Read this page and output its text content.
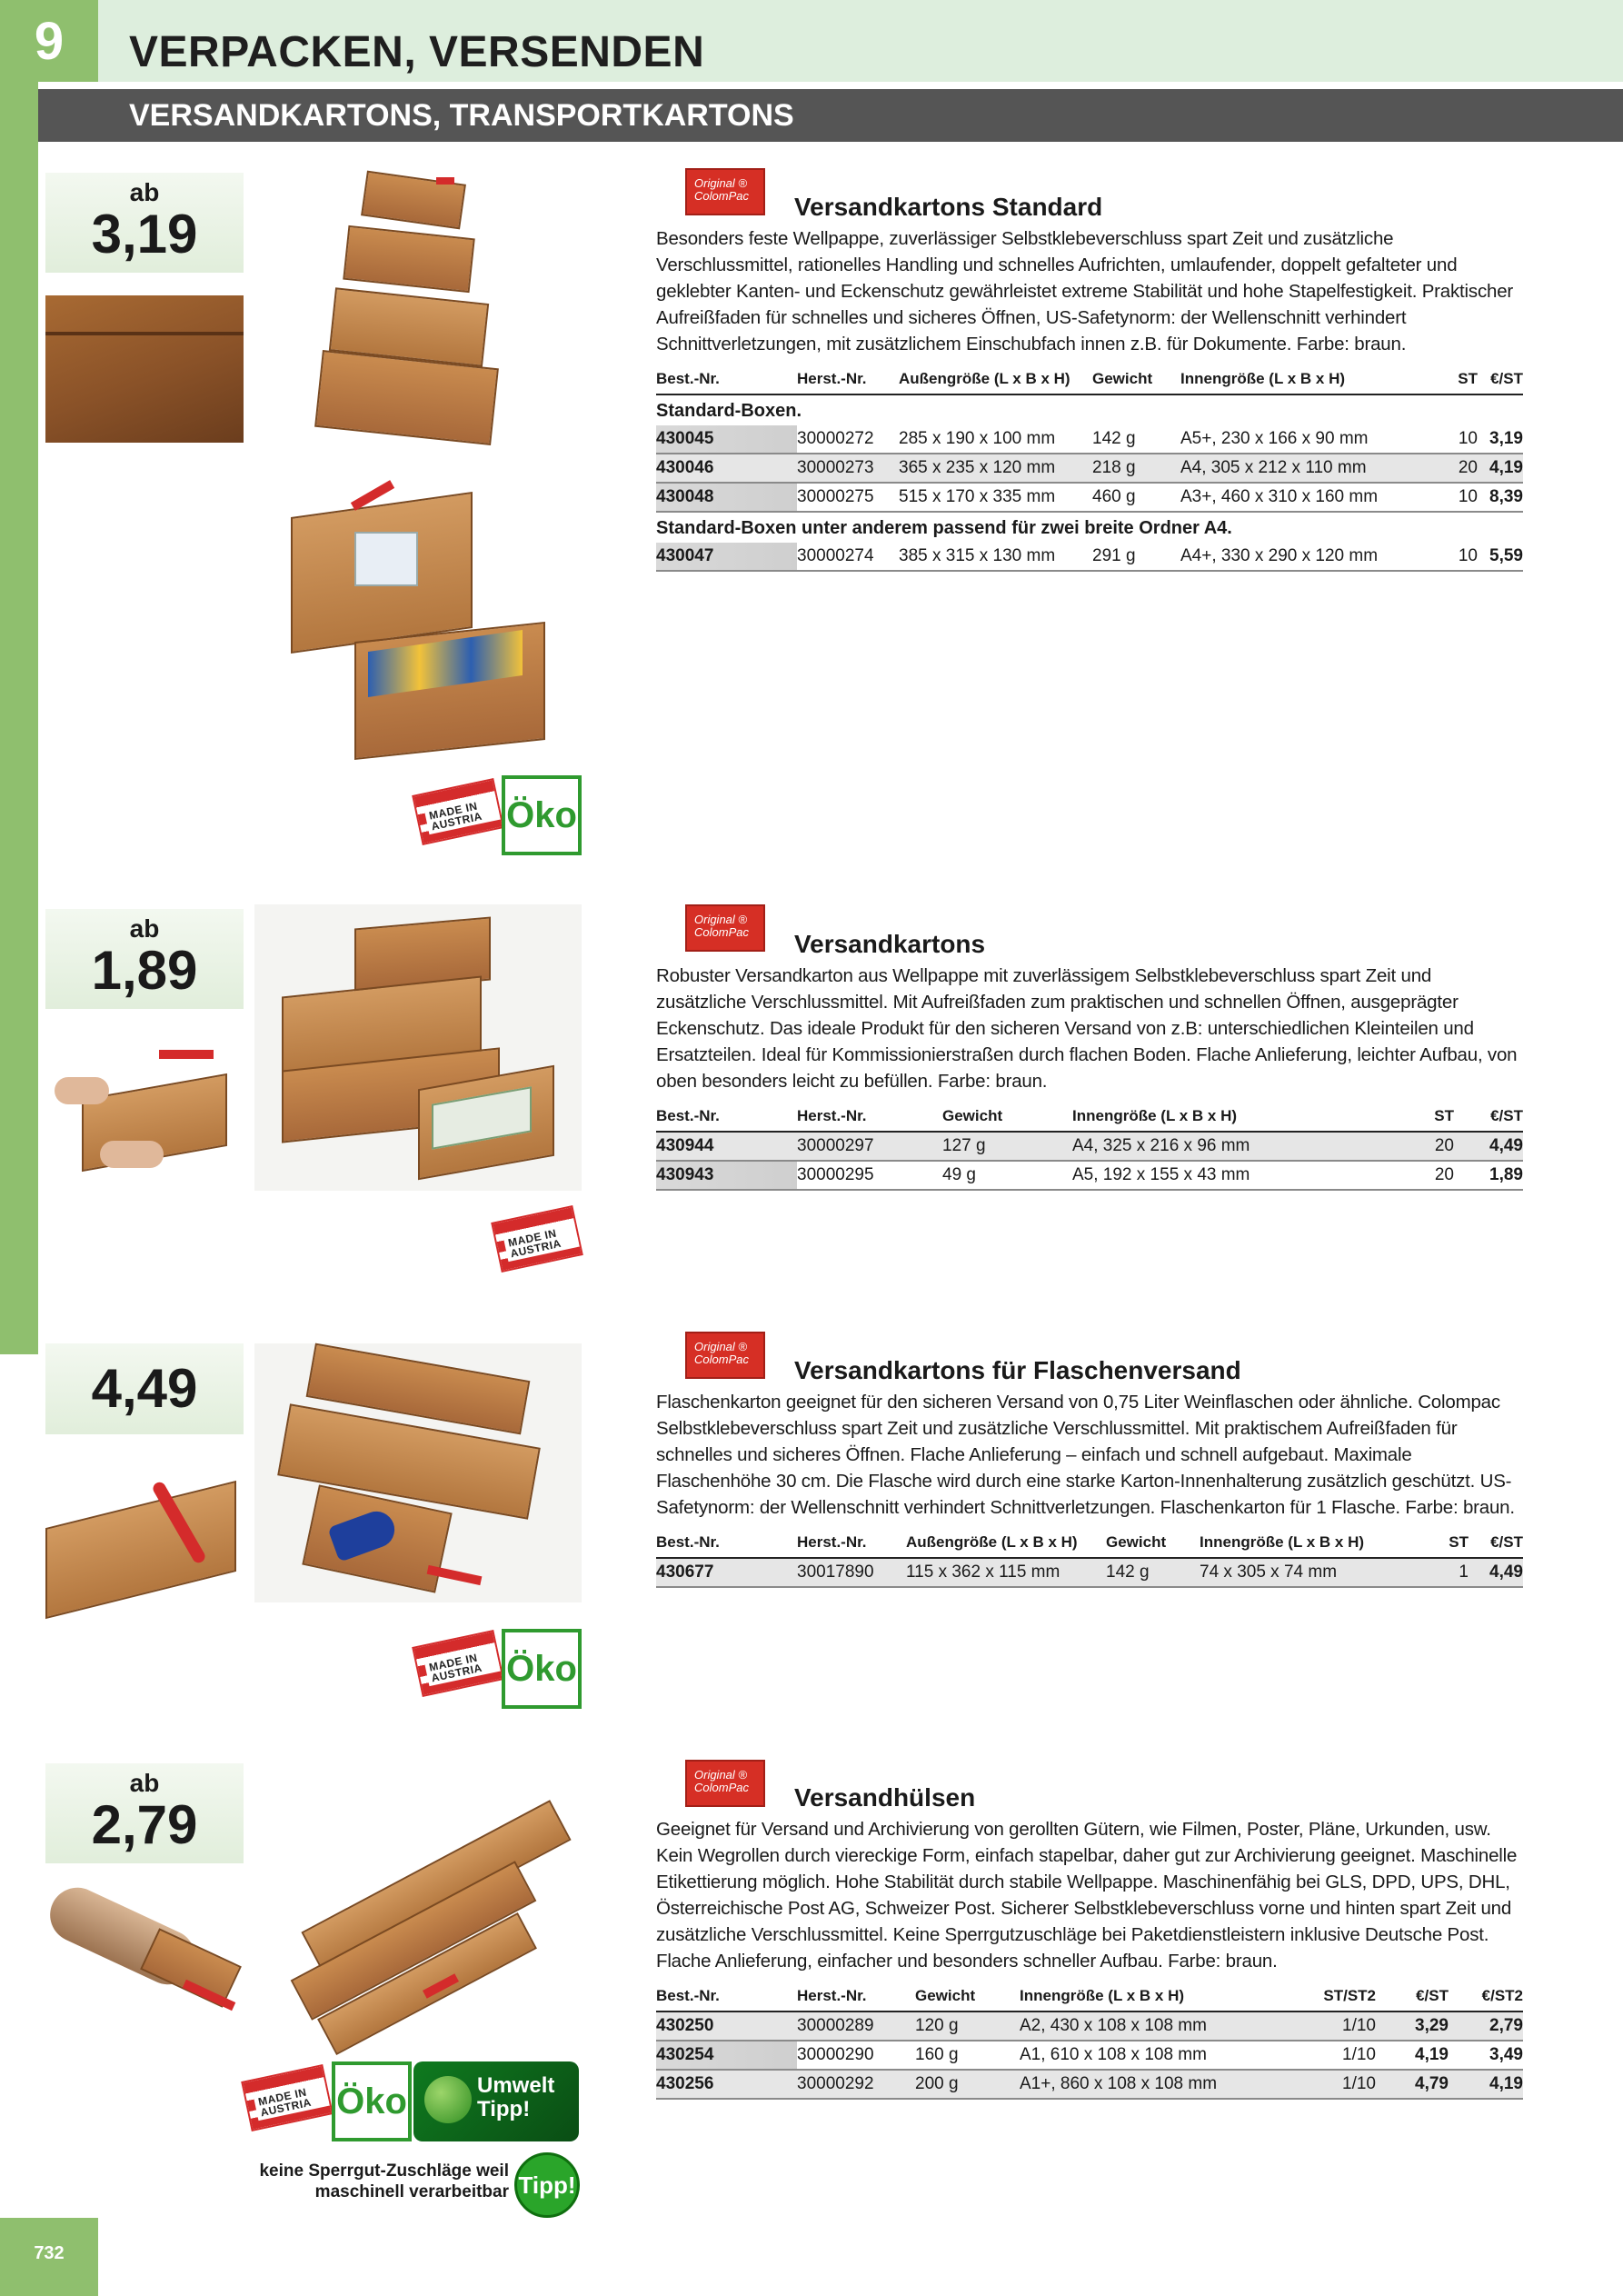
9	VERPACKEN, VERSENDEN
VERSANDKARTONS, TRANSPORTKARTONS
732
ab
3,19
MADE IN AUSTRIA Öko
Original ®
ColomPac	Versandkartons Standard
Besonders feste Wellpappe, zuverlässiger Selbstklebeverschluss spart Zeit und zusätzliche Verschlussmittel, rationelles Handling und schnelles Aufrichten, umlaufender, doppelt gefalteter und geklebter Kanten- und Eckenschutz gewährleistet extreme Stabilität und hohe Stapelfestigkeit. Praktischer Aufreißfaden für schnelles und sicheres Öffnen, US-Safetynorm: der Wellenschnitt verhindert Schnittverletzungen, mit zusätzlichem Einschubfach innen z.B. für Dokumente. Farbe: braun.
Best.-Nr.	Herst.-Nr.	Außengröße (L x B x H)	Gewicht	Innengröße (L x B x H)	ST	€/ST
Standard-Boxen.						
430045	30000272	285 x 190 x 100 mm	142 g	A5+, 230 x 166 x 90 mm	10	3,19
430046	30000273	365 x 235 x 120 mm	218 g	A4, 305 x 212 x 110 mm	20	4,19
430048	30000275	515 x 170 x 335 mm	460 g	A3+, 460 x 310 x 160 mm	10	8,39
Standard-Boxen unter anderem passend für zwei breite Ordner A4.						
430047	30000274	385 x 315 x 130 mm	291 g	A4+, 330 x 290 x 120 mm	10	5,59
ab
1,89
MADE IN AUSTRIA
Original ®
ColomPac	Versandkartons
Robuster Versandkarton aus Wellpappe mit zuverlässigem Selbstklebeverschluss spart Zeit und zusätzliche Verschlussmittel. Mit Aufreißfaden zum praktischen und schnellen Öffnen, ausgeprägter Eckenschutz. Das ideale Produkt für den sicheren Versand von z.B: unterschiedlichen Kleinteilen und Ersatzteilen. Ideal für Kommissionierstraßen durch flachen Boden. Flache Anlieferung, leichter Aufbau, von oben besonders leicht zu befüllen. Farbe: braun.
Best.-Nr.	Herst.-Nr.	Gewicht	Innengröße (L x B x H)	ST	€/ST
430944	30000297	127 g	A4, 325 x 216 x 96 mm	20	4,49
430943	30000295	49 g	A5, 192 x 155 x 43 mm	20	1,89
4,49
MADE IN AUSTRIA Öko
Original ®
ColomPac	Versandkartons für Flaschenversand
Flaschenkarton geeignet für den sicheren Versand von 0,75 Liter Weinflaschen oder ähnliche. Colompac Selbstklebeverschluss spart Zeit und zusätzliche Verschlussmittel. Mit praktischem Aufreißfaden für schnelles und sicheres Öffnen. Flache Anlieferung – einfach und schnell aufgebaut. Maximale Flaschenhöhe 30 cm. Die Flasche wird durch eine starke Karton-Innenhalterung zusätzlich geschützt. US-Safetynorm: der Wellenschnitt verhindert Schnittverletzungen. Flaschenkarton für 1 Flasche. Farbe: braun.
Best.-Nr.	Herst.-Nr.	Außengröße (L x B x H)	Gewicht	Innengröße (L x B x H)	ST	€/ST
430677	30017890	115 x 362 x 115 mm	142 g	74 x 305 x 74 mm	1	4,49
ab
2,79
MADE IN AUSTRIA Öko	Umwelt Tipp!
keine Sperrgut-Zuschläge weil maschinell verarbeitbar Tipp!
Original ®
ColomPac	Versandhülsen
Geeignet für Versand und Archivierung von gerollten Gütern, wie Filmen, Poster, Pläne, Urkunden, usw. Kein Wegrollen durch viereckige Form, einfach stapelbar, daher gut zur Archivierung geeignet. Maschinelle Etikettierung möglich. Hohe Stabilität durch stabile Wellpappe. Maschinenfähig bei GLS, DPD, UPS, DHL, Österreichische Post AG, Schweizer Post. Sicherer Selbstklebeverschluss vorne und hinten spart Zeit und zusätzliche Verschlussmittel. Keine Sperrgutzuschläge bei Paketdienstleistern inklusive Deutsche Post. Flache Anlieferung, einfacher und besonders schneller Aufbau. Farbe: braun.
Best.-Nr.	Herst.-Nr.	Gewicht	Innengröße (L x B x H)	ST/ST2	€/ST	€/ST2
430250	30000289	120 g	A2, 430 x 108 x 108 mm	1/10	3,29	2,79
430254	30000290	160 g	A1, 610 x 108 x 108 mm	1/10	4,19	3,49
430256	30000292	200 g	A1+, 860 x 108 x 108 mm	1/10	4,79	4,19
